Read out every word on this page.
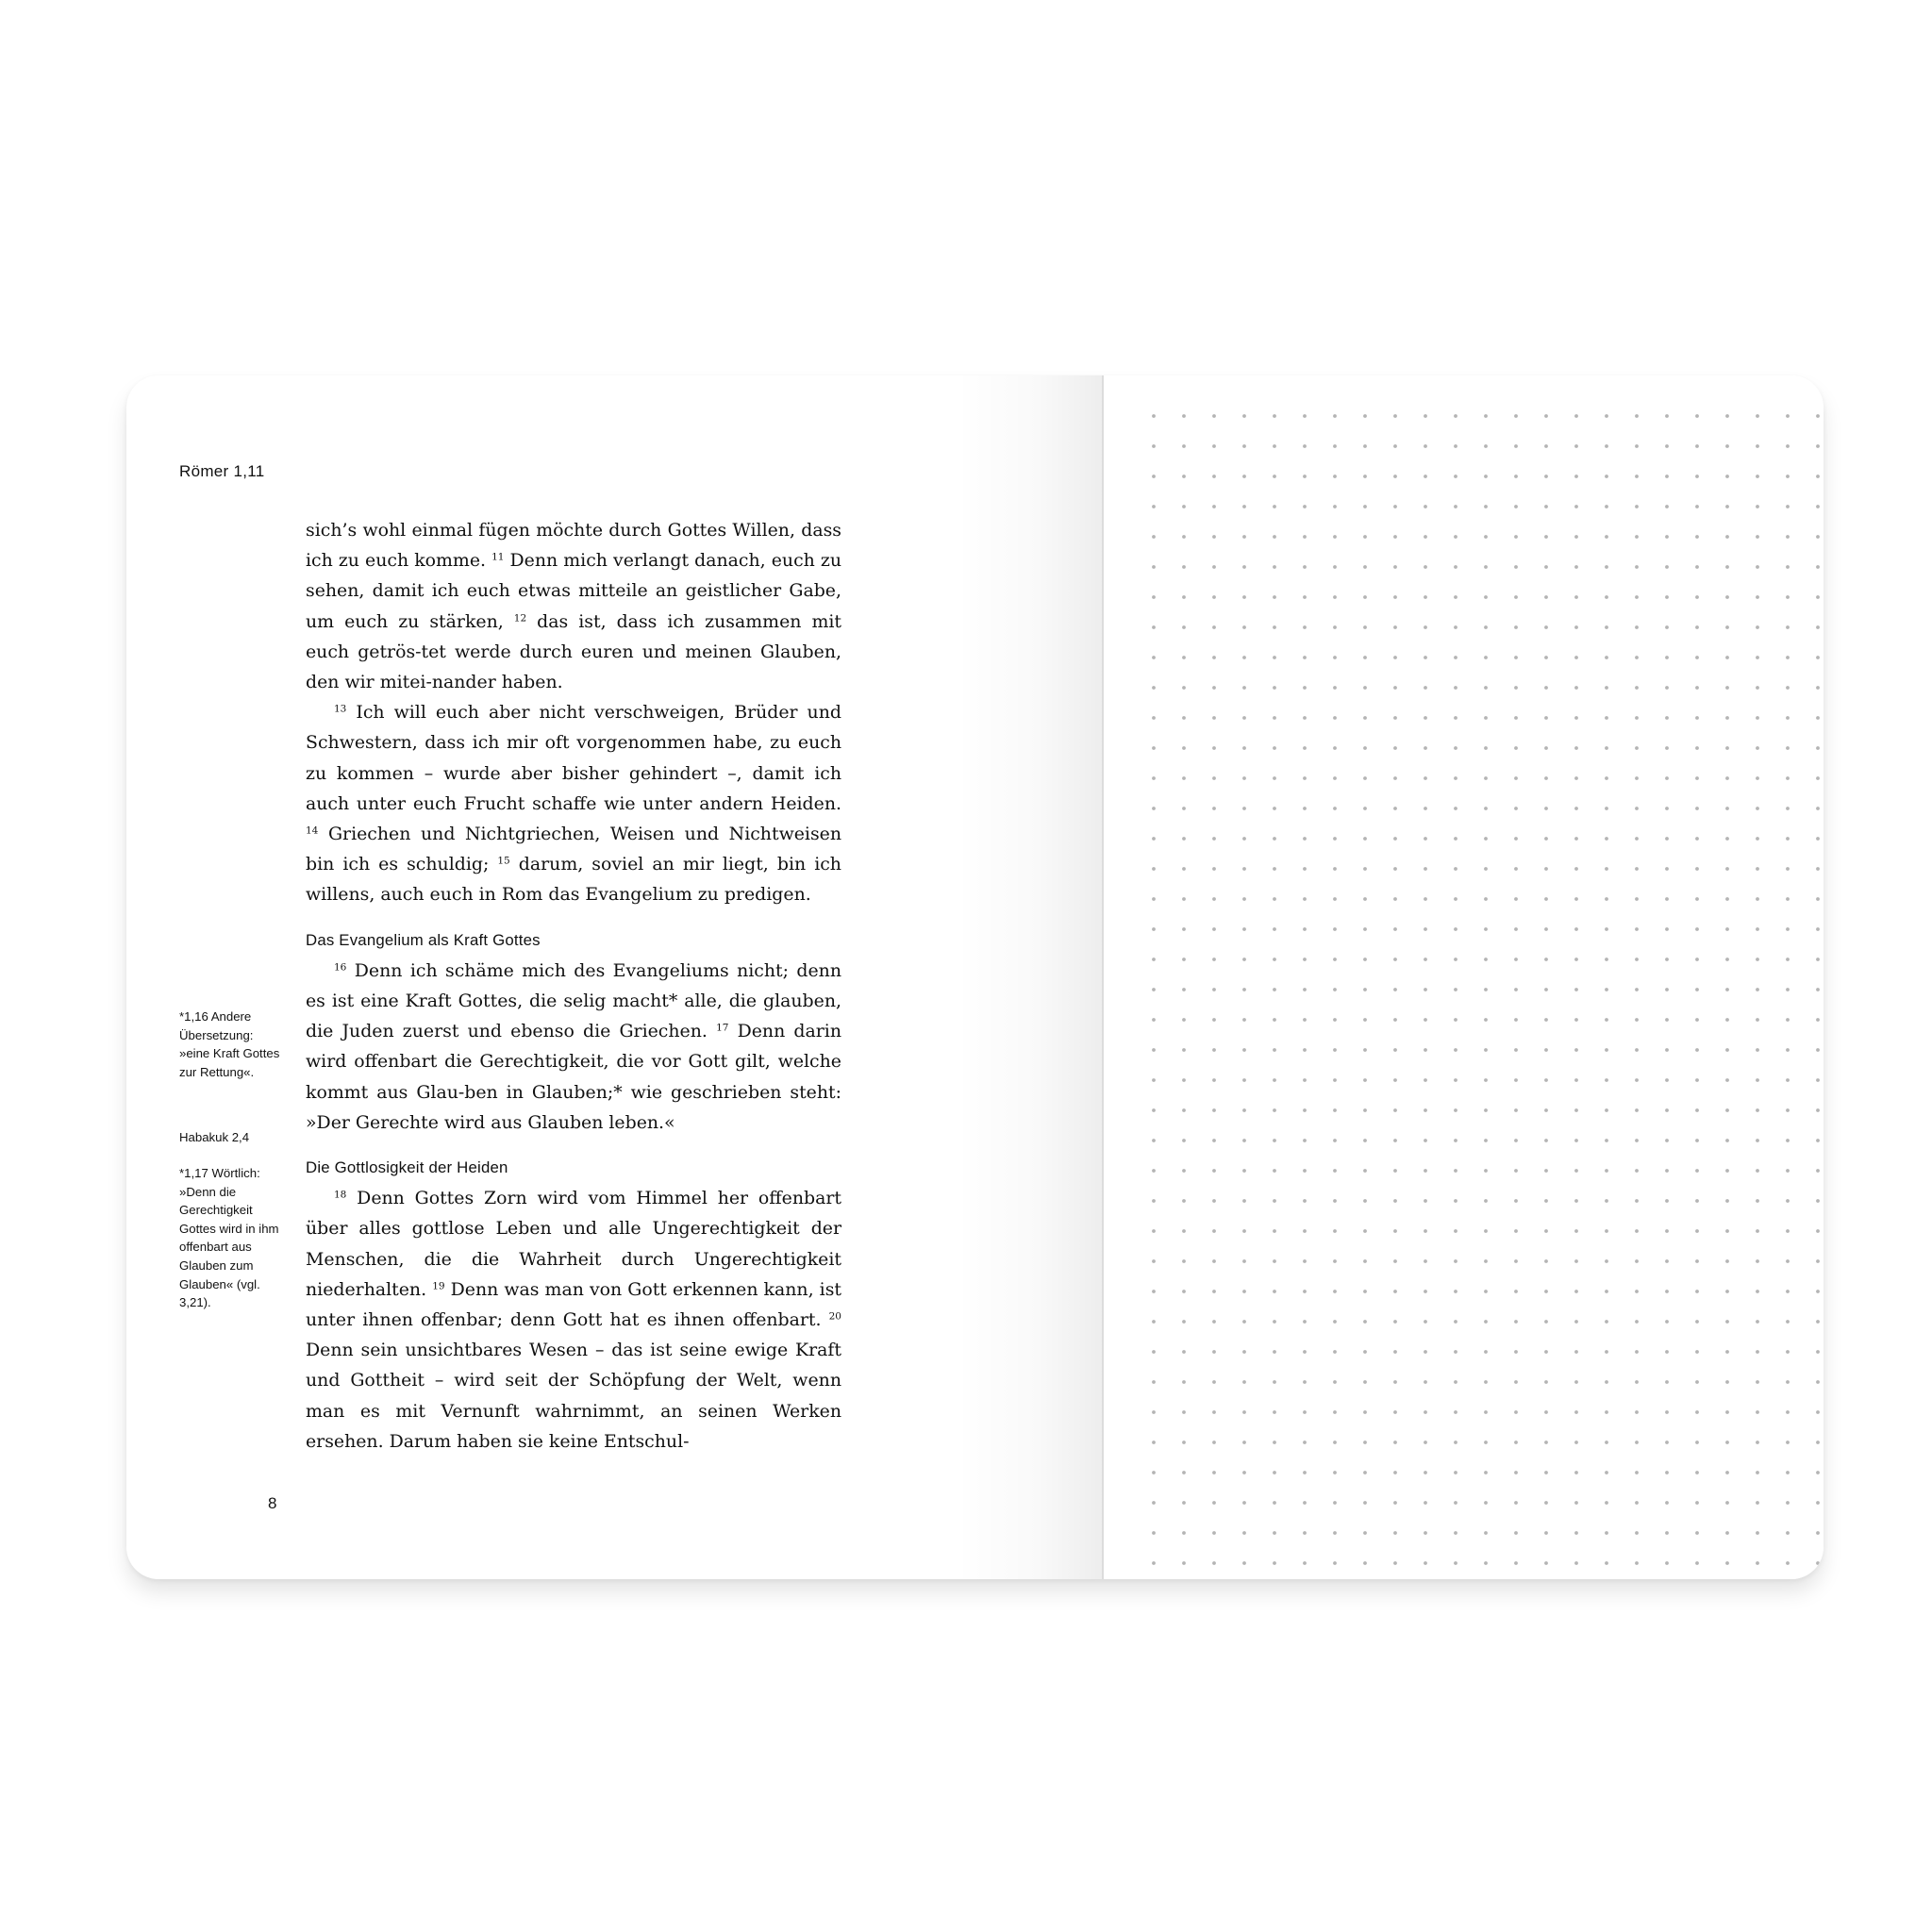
Römer 1,11

sich’s wohl einmal fügen möchte durch Gottes Willen, dass ich zu euch komme. $^{11}$ Denn mich verlangt danach, euch zu sehen, damit ich euch etwas mitteile an geistlicher Gabe, um euch zu stärken, $^{12}$ das ist, dass ich zusammen mit euch getrös-tet werde durch euren und meinen Glauben, den wir mitei-nander haben.

$^{13}$ Ich will euch aber nicht verschweigen, Brüder und Schwestern, dass ich mir oft vorgenommen habe, zu euch zu kommen – wurde aber bisher gehindert –, damit ich auch unter euch Frucht schaffe wie unter andern Heiden. $^{14}$ Griechen und Nichtgriechen, Weisen und Nichtweisen bin ich es schuldig; $^{15}$ darum, soviel an mir liegt, bin ich willens, auch euch in Rom das Evangelium zu predigen.

Das Evangelium als Kraft Gottes

$^{16}$ Denn ich schäme mich des Evangeliums nicht; denn es ist eine Kraft Gottes, die selig macht* alle, die glauben, die Juden zuerst und ebenso die Griechen. $^{17}$ Denn darin wird offenbart die Gerechtigkeit, die vor Gott gilt, welche kommt aus Glau-ben in Glauben;* wie geschrieben steht: »Der Gerechte wird aus Glauben leben.«

Die Gottlosigkeit der Heiden

$^{18}$ Denn Gottes Zorn wird vom Himmel her offenbart über alles gottlose Leben und alle Ungerechtigkeit der Menschen, die die Wahrheit durch Ungerechtigkeit niederhalten. $^{19}$ Denn was man von Gott erkennen kann, ist unter ihnen offenbar; denn Gott hat es ihnen offenbart. $^{20}$ Denn sein unsichtbares Wesen – das ist seine ewige Kraft und Gottheit – wird seit der Schöpfung der Welt, wenn man es mit Vernunft wahrnimmt, an seinen Werken ersehen. Darum haben sie keine Entschul-

*1,16 Andere Übersetzung: »eine Kraft Gottes zur Rettung«.

Habakuk 2,4

*1,17 Wörtlich: »Denn die Gerechtigkeit Gottes wird in ihm offenbart aus Glauben zum Glauben« (vgl. 3,21).

8
